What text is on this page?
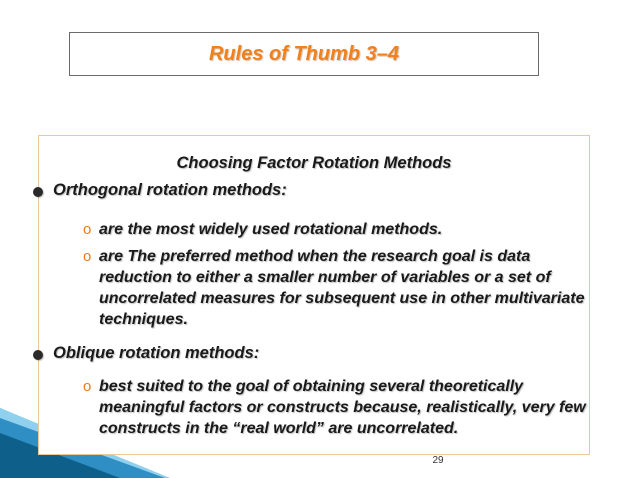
Rules of Thumb 3–4
Choosing Factor Rotation Methods
Orthogonal rotation methods:
o are the most widely used rotational methods.
o are The preferred method when the research goal is data reduction to either a smaller number of variables or a set of uncorrelated measures for subsequent use in other multivariate techniques.
Oblique rotation methods:
o best suited to the goal of obtaining several theoretically meaningful factors or constructs because, realistically, very few constructs in the “real world” are uncorrelated.
29
